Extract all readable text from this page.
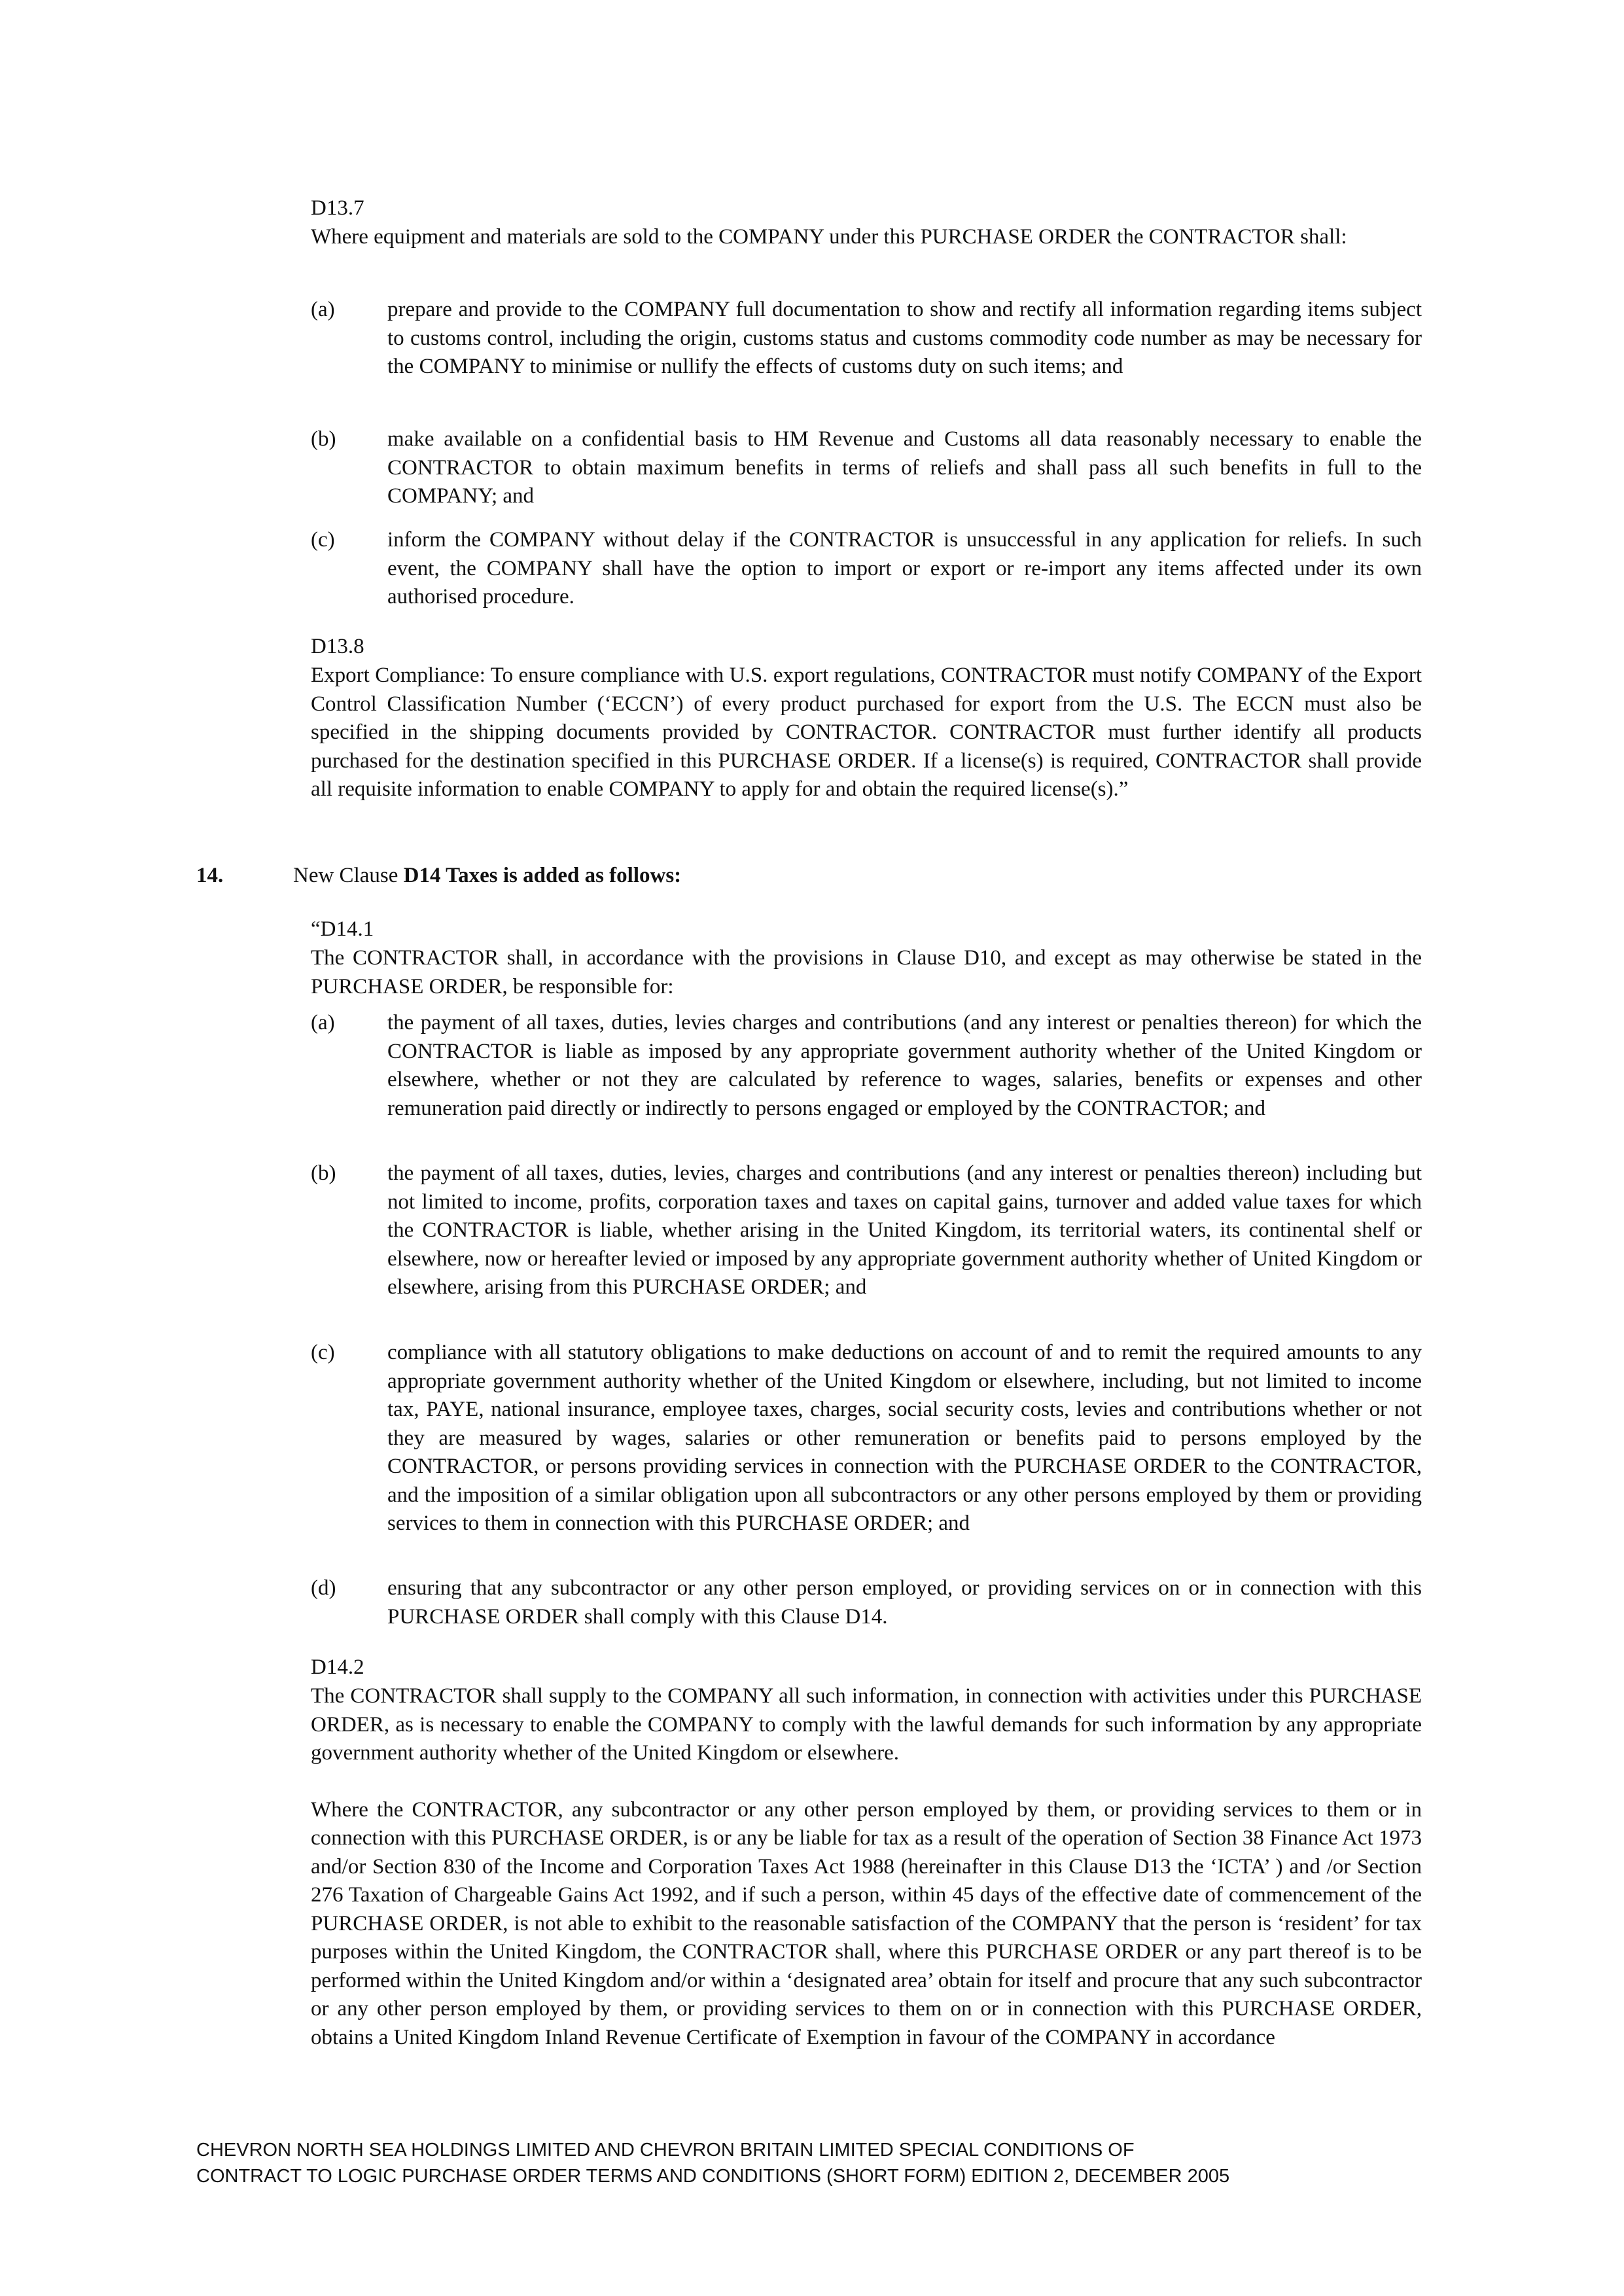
D13.7

Where equipment and materials are sold to the COMPANY under this PURCHASE ORDER the CONTRACTOR shall:

(a)	prepare and provide to the COMPANY full documentation to show and rectify all information regarding items subject to customs control, including the origin, customs status and customs commodity code number as may be necessary for the COMPANY to minimise or nullify the effects of customs duty on such items; and

(b)	make available on a confidential basis to HM Revenue and Customs all data reasonably necessary to enable the CONTRACTOR to obtain maximum benefits in terms of reliefs and shall pass all such benefits in full to the COMPANY; and

(c)	inform the COMPANY without delay if the CONTRACTOR is unsuccessful in any application for reliefs. In such event, the COMPANY shall have the option to import or export or re-import any items affected under its own authorised procedure.

D13.8

Export Compliance: To ensure compliance with U.S. export regulations, CONTRACTOR must notify COMPANY of the Export Control Classification Number (‘ECCN’) of every product purchased for export from the U.S. The ECCN must also be specified in the shipping documents provided by CONTRACTOR. CONTRACTOR must further identify all products purchased for the destination specified in this PURCHASE ORDER. If a license(s) is required, CONTRACTOR shall provide all requisite information to enable COMPANY to apply for and obtain the required license(s).”

14.	New Clause D14 Taxes is added as follows:

“D14.1

The CONTRACTOR shall, in accordance with the provisions in Clause D10, and except as may otherwise be stated in the PURCHASE ORDER, be responsible for:

(a)	the payment of all taxes, duties, levies charges and contributions (and any interest or penalties thereon) for which the CONTRACTOR is liable as imposed by any appropriate government authority whether of the United Kingdom or elsewhere, whether or not they are calculated by reference to wages, salaries, benefits or expenses and other remuneration paid directly or indirectly to persons engaged or employed by the CONTRACTOR; and

(b)	the payment of all taxes, duties, levies, charges and contributions (and any interest or penalties thereon) including but not limited to income, profits, corporation taxes and taxes on capital gains, turnover and added value taxes for which the CONTRACTOR is liable, whether arising in the United Kingdom, its territorial waters, its continental shelf or elsewhere, now or hereafter levied or imposed by any appropriate government authority whether of United Kingdom or elsewhere, arising from this PURCHASE ORDER; and

(c)	compliance with all statutory obligations to make deductions on account of and to remit the required amounts to any appropriate government authority whether of the United Kingdom or elsewhere, including, but not limited to income tax, PAYE, national insurance, employee taxes, charges, social security costs, levies and contributions whether or not they are measured by wages, salaries or other remuneration or benefits paid to persons employed by the CONTRACTOR, or persons providing services in connection with the PURCHASE ORDER to the CONTRACTOR, and the imposition of a similar obligation upon all subcontractors or any other persons employed by them or providing services to them in connection with this PURCHASE ORDER; and

(d)	ensuring that any subcontractor or any other person employed, or providing services on or in connection with this PURCHASE ORDER shall comply with this Clause D14.

D14.2

The CONTRACTOR shall supply to the COMPANY all such information, in connection with activities under this PURCHASE ORDER, as is necessary to enable the COMPANY to comply with the lawful demands for such information by any appropriate government authority whether of the United Kingdom or elsewhere.

Where the CONTRACTOR, any subcontractor or any other person employed by them, or providing services to them or in connection with this PURCHASE ORDER, is or any be liable for tax as a result of the operation of Section 38 Finance Act 1973 and/or Section 830 of the Income and Corporation Taxes Act 1988 (hereinafter in this Clause D13 the ‘ICTA’ ) and /or Section 276 Taxation of Chargeable Gains Act 1992, and if such a person, within 45 days of the effective date of commencement of the PURCHASE ORDER, is not able to exhibit to the reasonable satisfaction of the COMPANY that the person is ‘resident’ for tax purposes within the United Kingdom, the CONTRACTOR shall, where this PURCHASE ORDER or any part thereof is to be performed within the United Kingdom and/or within a ‘designated area’ obtain for itself and procure that any such subcontractor or any other person employed by them, or providing services to them on or in connection with this PURCHASE ORDER, obtains a United Kingdom Inland Revenue Certificate of Exemption in favour of the COMPANY in accordance

CHEVRON NORTH SEA HOLDINGS LIMITED AND CHEVRON BRITAIN LIMITED SPECIAL CONDITIONS OF
CONTRACT TO LOGIC PURCHASE ORDER TERMS AND CONDITIONS (SHORT FORM) EDITION 2, DECEMBER 2005
